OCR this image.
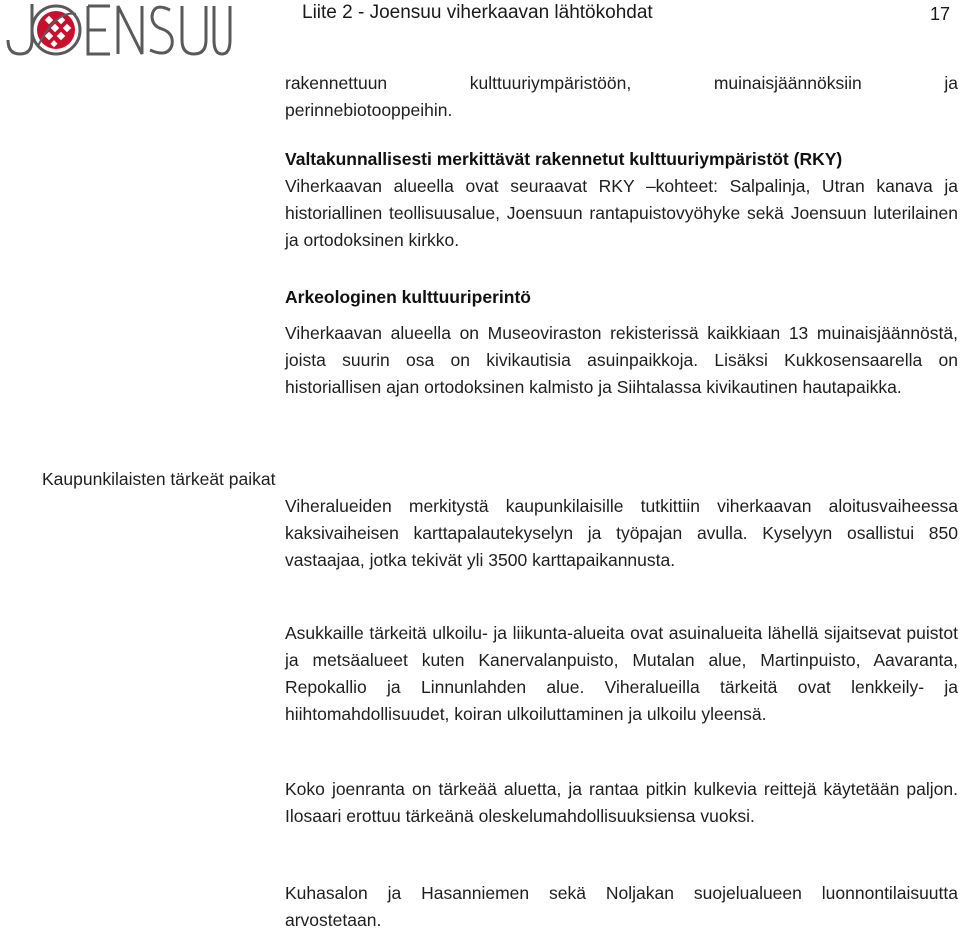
Liite 2 - Joensuu viherkaavan lähtökohdat	17
rakennettuun	kulttuuriympäristöön,	muinaisjäännöksiin	ja
perinnebiotooppeihin.

Valtakunnallisesti merkittävät rakennetut kulttuuriympäristöt (RKY)

Viherkaavan alueella ovat seuraavat RKY –kohteet: Salpalinja, Utran kanava ja historiallinen teollisuusalue, Joensuun rantapuistovyöhyke sekä Joensuun luterilainen ja ortodoksinen kirkko.

Arkeologinen kulttuuriperintö

Viherkaavan alueella on Museoviraston rekisterissä kaikkiaan 13 muinaisjäännöstä, joista suurin osa on kivikautisia asuinpaikkoja. Lisäksi Kukkosensaarella on historiallisen ajan ortodoksinen kalmisto ja Siihtalassa kivikautinen hautapaikka.

Kaupunkilaisten tärkeät paikat

Viheralueiden merkitystä kaupunkilaisille tutkittiin viherkaavan aloitusvaiheessa kaksivaiheisen karttapalautekyselyn ja työpajan avulla. Kyselyyn osallistui 850 vastaajaa, jotka tekivät yli 3500 karttapaikannusta.

Asukkaille tärkeitä ulkoilu- ja liikunta-alueita ovat asuinalueita lähellä sijaitsevat puistot ja metsäalueet kuten Kanervalanpuisto, Mutalan alue, Martinpuisto, Aavaranta, Repokallio ja Linnunlahden alue. Viheralueilla tärkeitä ovat lenkkeily- ja hiihtomahdollisuudet, koiran ulkoiluttaminen ja ulkoilu yleensä.

Koko joenranta on tärkeää aluetta, ja rantaa pitkin kulkevia reittejä käytetään paljon. Ilosaari erottuu tärkeänä oleskelumahdollisuuksiensa vuoksi.

Kuhasalon ja Hasanniemen sekä Noljakan suojelualueen luonnontilaisuutta arvostetaan.
